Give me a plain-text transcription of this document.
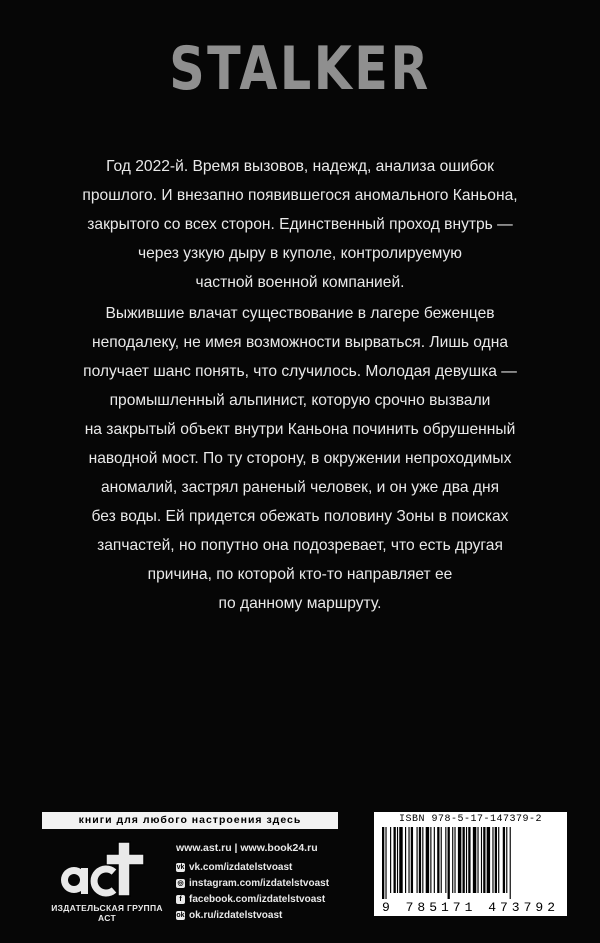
STALKER
Год 2022-й. Время вызовов, надежд, анализа ошибок
прошлого. И внезапно появившегося аномального Каньона,
закрытого со всех сторон. Единственный проход внутрь —
через узкую дыру в куполе, контролируемую
частной военной компанией.
Выжившие влачат существование в лагере беженцев
неподалеку, не имея возможности вырваться. Лишь одна
получает шанс понять, что случилось. Молодая девушка —
промышленный альпинист, которую срочно вызвали
на закрытый объект внутри Каньона починить обрушенный
наводной мост. По ту сторону, в окружении непроходимых
аномалий, застрял раненый человек, и он уже два дня
без воды. Ей придется обежать половину Зоны в поисках
запчастей, но попутно она подозревает, что есть другая
причина, по которой кто-то направляет ее
по данному маршруту.
книги для любого настроения здесь
ИЗДАТЕЛЬСКАЯ ГРУППА АСТ
www.ast.ru | www.book24.ru
vk vk.com/izdatelstvoast
◎ instagram.com/izdatelstvoast
f facebook.com/izdatelstvoast
ok ok.ru/izdatelstvoast
ISBN 978-5-17-147379-2
9 785171 473792
